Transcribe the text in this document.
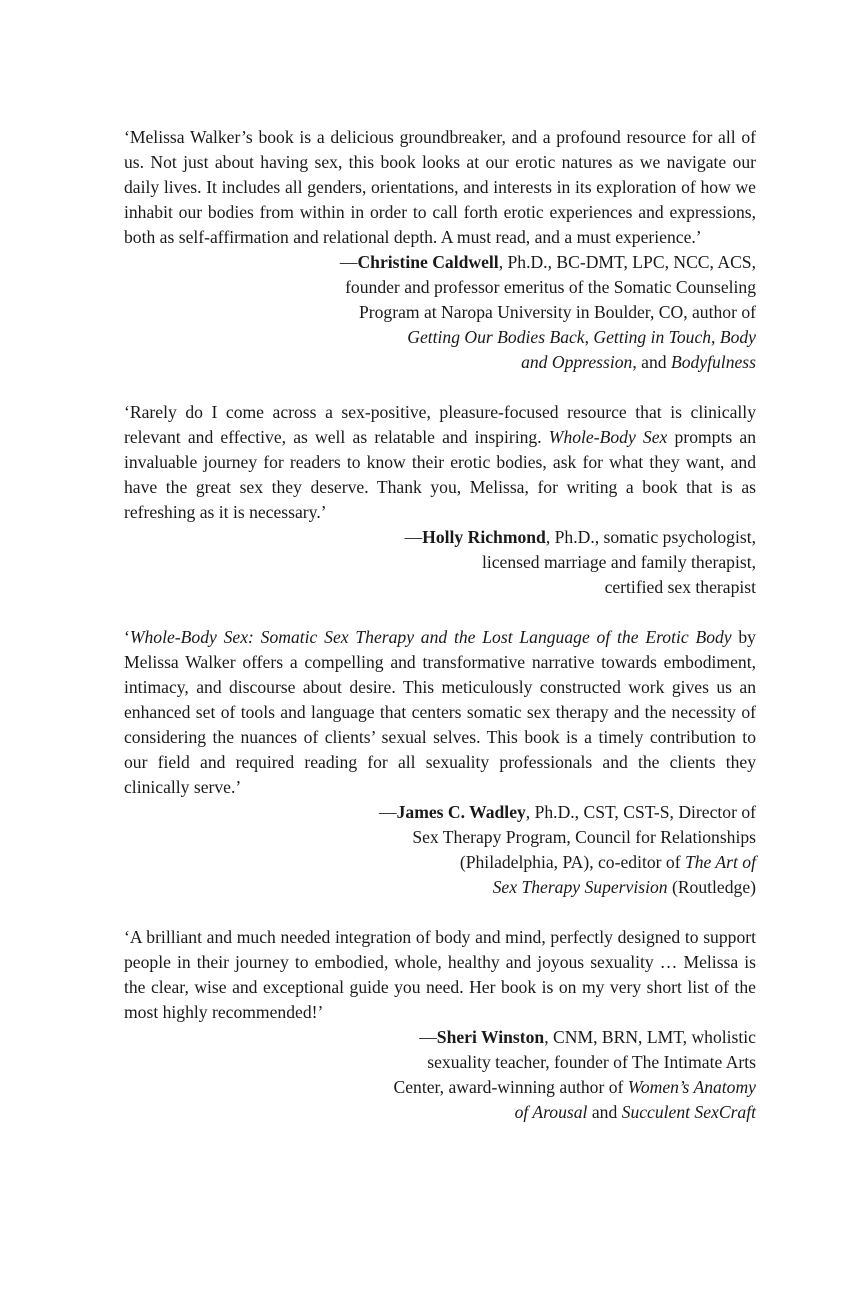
‘Melissa Walker’s book is a delicious groundbreaker, and a profound resource for all of us. Not just about having sex, this book looks at our erotic natures as we navigate our daily lives. It includes all genders, orientations, and interests in its exploration of how we inhabit our bodies from within in order to call forth erotic experiences and expressions, both as self-affirmation and relational depth. A must read, and a must experience.’

—Christine Caldwell, Ph.D., BC-DMT, LPC, NCC, ACS,

founder and professor emeritus of the Somatic Counseling

Program at Naropa University in Boulder, CO, author of

Getting Our Bodies Back, Getting in Touch, Body

and Oppression, and Bodyfulness

‘Rarely do I come across a sex-positive, pleasure-focused resource that is clinically relevant and effective, as well as relatable and inspiring. Whole-Body Sex prompts an invaluable journey for readers to know their erotic bodies, ask for what they want, and have the great sex they deserve. Thank you, Melissa, for writing a book that is as refreshing as it is necessary.’

—Holly Richmond, Ph.D., somatic psychologist,

licensed marriage and family therapist,

certified sex therapist

‘Whole-Body Sex: Somatic Sex Therapy and the Lost Language of the Erotic Body by Melissa Walker offers a compelling and transformative narrative towards embodiment, intimacy, and discourse about desire. This meticulously constructed work gives us an enhanced set of tools and language that centers somatic sex therapy and the necessity of considering the nuances of clients’ sexual selves. This book is a timely contribution to our field and required reading for all sexuality professionals and the clients they clinically serve.’

—James C. Wadley, Ph.D., CST, CST-S, Director of

Sex Therapy Program, Council for Relationships

(Philadelphia, PA), co-editor of The Art of

Sex Therapy Supervision (Routledge)

‘A brilliant and much needed integration of body and mind, perfectly designed to support people in their journey to embodied, whole, healthy and joyous sexuality … Melissa is the clear, wise and exceptional guide you need. Her book is on my very short list of the most highly recommended!’

—Sheri Winston, CNM, BRN, LMT, wholistic

sexuality teacher, founder of The Intimate Arts

Center, award-winning author of Women’s Anatomy

of Arousal and Succulent SexCraft
